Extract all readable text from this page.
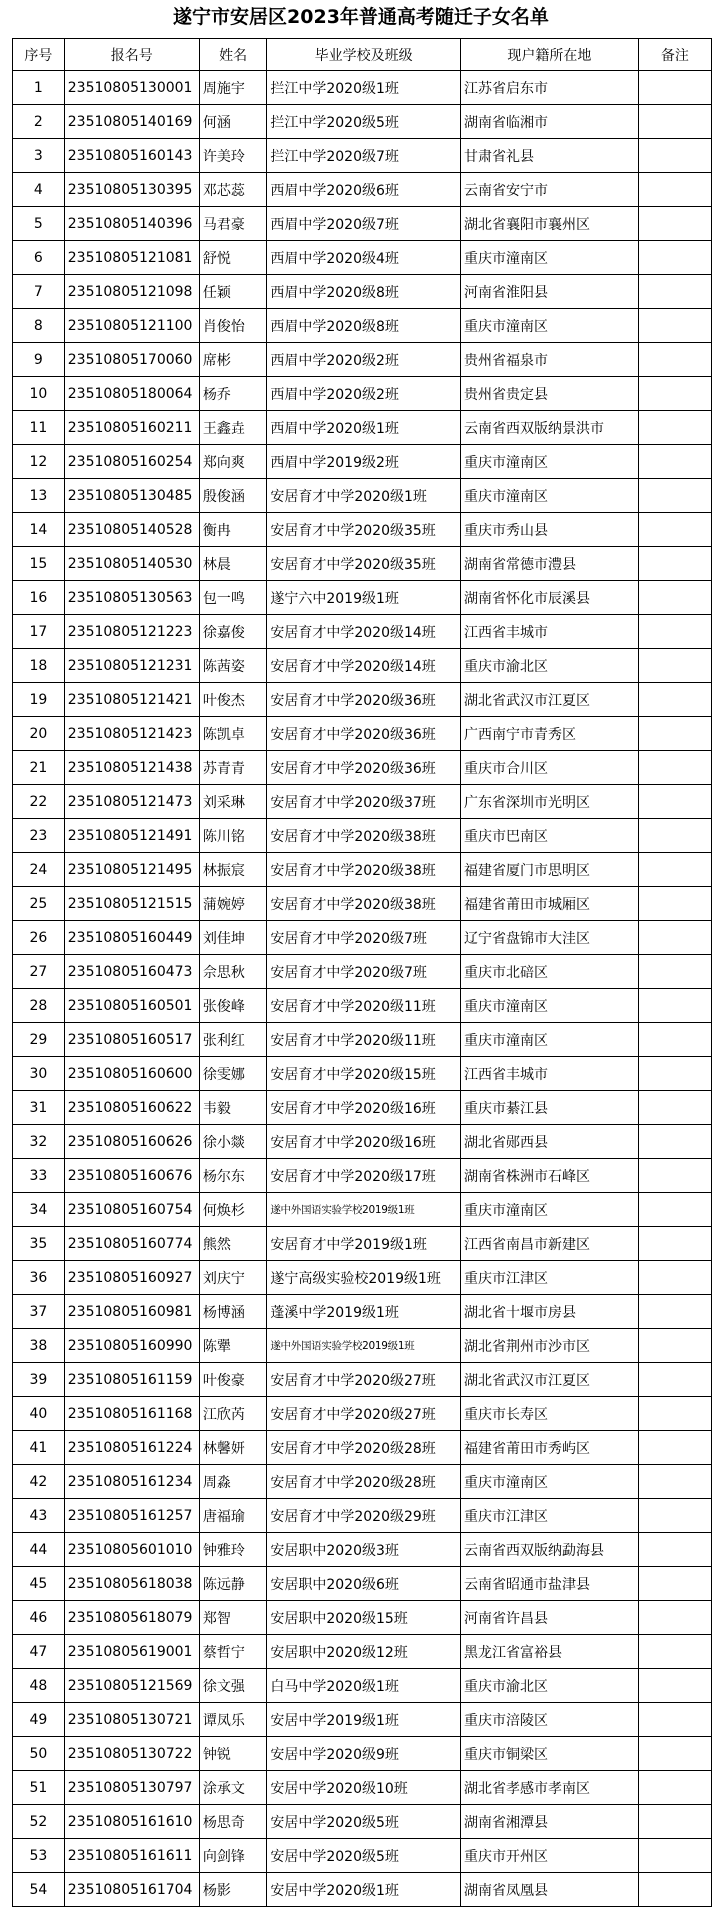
遂宁市安居区2023年普通高考随迁子女名单
序号	报名号	姓名	毕业学校及班级	现户籍所在地	备注
1	23510805130001	周施宇	拦江中学2020级1班	江苏省启东市	
2	23510805140169	何涵	拦江中学2020级5班	湖南省临湘市	
3	23510805160143	许美玲	拦江中学2020级7班	甘肃省礼县	
4	23510805130395	邓芯蕊	西眉中学2020级6班	云南省安宁市	
5	23510805140396	马君豪	西眉中学2020级7班	湖北省襄阳市襄州区	
6	23510805121081	舒悦	西眉中学2020级4班	重庆市潼南区	
7	23510805121098	任颖	西眉中学2020级8班	河南省淮阳县	
8	23510805121100	肖俊怡	西眉中学2020级8班	重庆市潼南区	
9	23510805170060	席彬	西眉中学2020级2班	贵州省福泉市	
10	23510805180064	杨乔	西眉中学2020级2班	贵州省贵定县	
11	23510805160211	王鑫垚	西眉中学2020级1班	云南省西双版纳景洪市	
12	23510805160254	郑向爽	西眉中学2019级2班	重庆市潼南区	
13	23510805130485	殷俊涵	安居育才中学2020级1班	重庆市潼南区	
14	23510805140528	衡冉	安居育才中学2020级35班	重庆市秀山县	
15	23510805140530	林晨	安居育才中学2020级35班	湖南省常德市澧县	
16	23510805130563	包一鸣	遂宁六中2019级1班	湖南省怀化市辰溪县	
17	23510805121223	徐嘉俊	安居育才中学2020级14班	江西省丰城市	
18	23510805121231	陈茜姿	安居育才中学2020级14班	重庆市渝北区	
19	23510805121421	叶俊杰	安居育才中学2020级36班	湖北省武汉市江夏区	
20	23510805121423	陈凯卓	安居育才中学2020级36班	广西南宁市青秀区	
21	23510805121438	苏青青	安居育才中学2020级36班	重庆市合川区	
22	23510805121473	刘采琳	安居育才中学2020级37班	广东省深圳市光明区	
23	23510805121491	陈川铭	安居育才中学2020级38班	重庆市巴南区	
24	23510805121495	林振宸	安居育才中学2020级38班	福建省厦门市思明区	
25	23510805121515	蒲婉婷	安居育才中学2020级38班	福建省莆田市城厢区	
26	23510805160449	刘佳坤	安居育才中学2020级7班	辽宁省盘锦市大洼区	
27	23510805160473	佘思秋	安居育才中学2020级7班	重庆市北碚区	
28	23510805160501	张俊峰	安居育才中学2020级11班	重庆市潼南区	
29	23510805160517	张利红	安居育才中学2020级11班	重庆市潼南区	
30	23510805160600	徐雯娜	安居育才中学2020级15班	江西省丰城市	
31	23510805160622	韦毅	安居育才中学2020级16班	重庆市綦江县	
32	23510805160626	徐小燚	安居育才中学2020级16班	湖北省郧西县	
33	23510805160676	杨尔东	安居育才中学2020级17班	湖南省株洲市石峰区	
34	23510805160754	何焕杉	遂中外国语实验学校2019级1班	重庆市潼南区	
35	23510805160774	熊然	安居育才中学2019级1班	江西省南昌市新建区	
36	23510805160927	刘庆宁	遂宁高级实验校2019级1班	重庆市江津区	
37	23510805160981	杨博涵	蓬溪中学2019级1班	湖北省十堰市房县	
38	23510805160990	陈犟	遂中外国语实验学校2019级1班	湖北省荆州市沙市区	
39	23510805161159	叶俊豪	安居育才中学2020级27班	湖北省武汉市江夏区	
40	23510805161168	江欣芮	安居育才中学2020级27班	重庆市长寿区	
41	23510805161224	林馨妍	安居育才中学2020级28班	福建省莆田市秀屿区	
42	23510805161234	周淼	安居育才中学2020级28班	重庆市潼南区	
43	23510805161257	唐福瑜	安居育才中学2020级29班	重庆市江津区	
44	23510805601010	钟雅玲	安居职中2020级3班	云南省西双版纳勐海县	
45	23510805618038	陈远静	安居职中2020级6班	云南省昭通市盐津县	
46	23510805618079	郑智	安居职中2020级15班	河南省许昌县	
47	23510805619001	蔡哲宁	安居职中2020级12班	黑龙江省富裕县	
48	23510805121569	徐文强	白马中学2020级1班	重庆市渝北区	
49	23510805130721	谭凤乐	安居中学2019级1班	重庆市涪陵区	
50	23510805130722	钟锐	安居中学2020级9班	重庆市铜梁区	
51	23510805130797	涂承文	安居中学2020级10班	湖北省孝感市孝南区	
52	23510805161610	杨思奇	安居中学2020级5班	湖南省湘潭县	
53	23510805161611	向剑锋	安居中学2020级5班	重庆市开州区	
54	23510805161704	杨影	安居中学2020级1班	湖南省凤凰县	
